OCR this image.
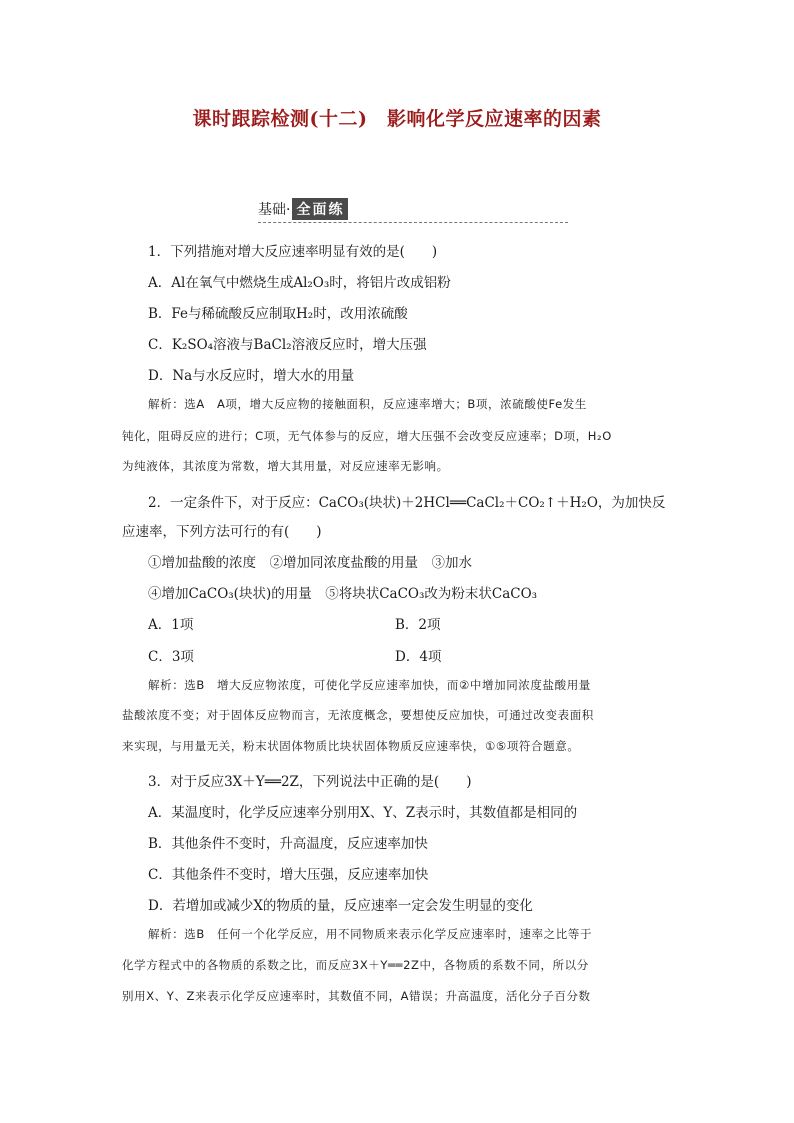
课时跟踪检测(十二)　影响化学反应速率的因素
基础· 全面练
1．下列措施对增大反应速率明显有效的是(　　)
A．Al在氧气中燃烧生成Al₂O₃时，将铝片改成铝粉
B．Fe与稀硫酸反应制取H₂时，改用浓硫酸
C．K₂SO₄溶液与BaCl₂溶液反应时，增大压强
D．Na与水反应时，增大水的用量
解析：选A　A项，增大反应物的接触面积，反应速率增大；B项，浓硫酸使Fe发生
钝化，阻碍反应的进行；C项，无气体参与的反应，增大压强不会改变反应速率；D项，H₂O
为纯液体，其浓度为常数，增大其用量，对反应速率无影响。
2．一定条件下，对于反应：CaCO₃(块状)＋2HCl══CaCl₂＋CO₂↑＋H₂O，为加快反
应速率，下列方法可行的有(　　)
①增加盐酸的浓度　②增加同浓度盐酸的用量　③加水
④增加CaCO₃(块状)的用量　⑤将块状CaCO₃改为粉末状CaCO₃
A．1项	B．2项
C．3项	D．4项
解析：选B　增大反应物浓度，可使化学反应速率加快，而②中增加同浓度盐酸用量
盐酸浓度不变；对于固体反应物而言，无浓度概念，要想使反应加快，可通过改变表面积
来实现，与用量无关，粉末状固体物质比块状固体物质反应速率快，①⑤项符合题意。
3．对于反应3X＋Y══2Z，下列说法中正确的是(　　)
A．某温度时，化学反应速率分别用X、Y、Z表示时，其数值都是相同的
B．其他条件不变时，升高温度，反应速率加快
C．其他条件不变时，增大压强，反应速率加快
D．若增加或减少X的物质的量，反应速率一定会发生明显的变化
解析：选B　任何一个化学反应，用不同物质来表示化学反应速率时，速率之比等于
化学方程式中的各物质的系数之比，而反应3X＋Y══2Z中，各物质的系数不同，所以分
别用X、Y、Z来表示化学反应速率时，其数值不同，A错误；升高温度，活化分子百分数
